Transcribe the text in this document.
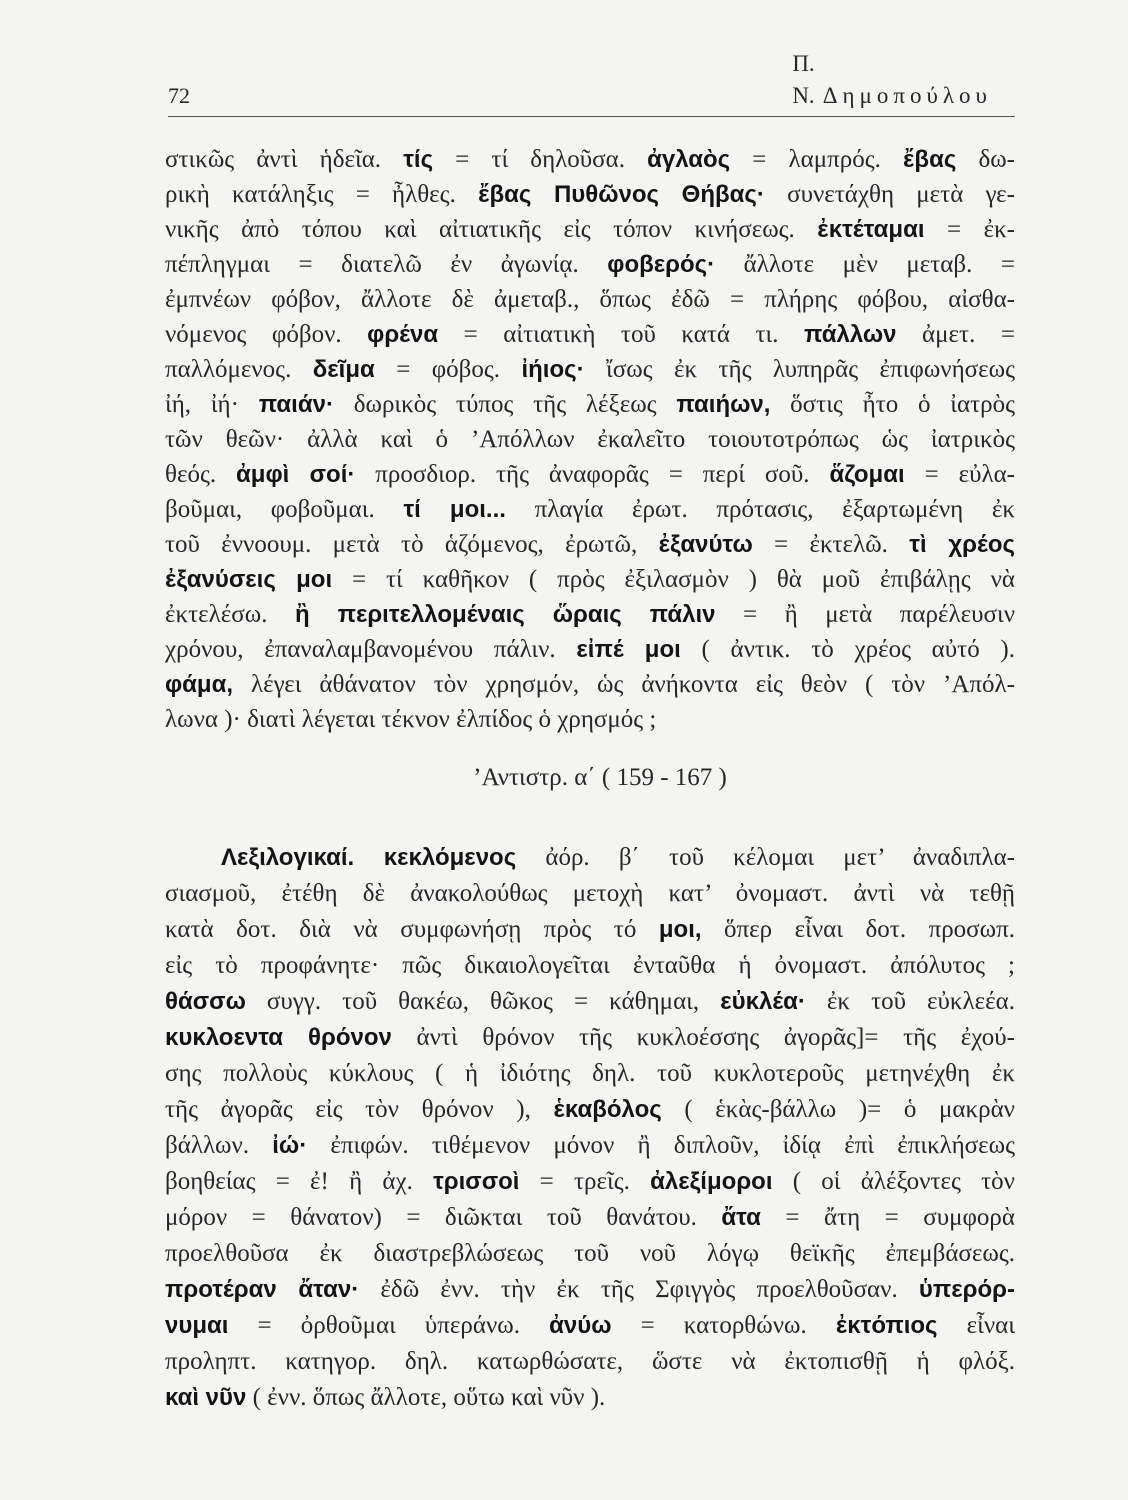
72
Π. Ν. Δημοπούλου
στικῶς ἀντὶ ἡδεῖα. τίς = τί δηλοῦσα. ἀγλαὸς = λαμπρός. ἔβας δω-
ρικὴ κατάληξις = ἦλθες. ἔβας Πυθῶνος Θήβας· συνετάχθη μετὰ γε-
νικῆς ἀπὸ τόπου καὶ αἰτιατικῆς εἰς τόπον κινήσεως. ἐκτέταμαι = ἐκ-
πέπληγμαι = διατελῶ ἐν ἀγωνίᾳ. φοβερός· ἄλλοτε μὲν μεταβ. =
ἐμπνέων φόβον, ἄλλοτε δὲ ἀμεταβ., ὅπως ἐδῶ = πλήρης φόβου, αἰσθα-
νόμενος φόβον. φρένα = αἰτιατικὴ τοῦ κατά τι. πάλλων ἀμετ. =
παλλόμενος. δεῖμα = φόβος. ἰήιος· ἴσως ἐκ τῆς λυπηρᾶς ἐπιφωνήσεως
ἰή, ἰή· παιάν· δωρικὸς τύπος τῆς λέξεως παιήων, ὅστις ἦτο ὁ ἰατρὸς
τῶν θεῶν· ἀλλὰ καὶ ὁ ’Απόλλων ἐκαλεῖτο τοιουτοτρόπως ὡς ἰατρικὸς
θεός. ἀμφὶ σοί· προσδιορ. τῆς ἀναφορᾶς = περί σοῦ. ἅζομαι = εὐλα-
βοῦμαι, φοβοῦμαι. τί μοι... πλαγία ἐρωτ. πρότασις, ἐξαρτωμένη ἐκ
τοῦ ἐννοουμ. μετὰ τὸ ἁζόμενος, ἐρωτῶ, ἐξανύτω = ἐκτελῶ. τὶ χρέος
ἐξανύσεις μοι = τί καθῆκον ( πρὸς ἐξιλασμὸν ) θὰ μοῦ ἐπιβάλῃς νὰ
ἐκτελέσω. ἢ περιτελλομέναις ὥραις πάλιν = ἢ μετὰ παρέλευσιν
χρόνου, ἐπαναλαμβανομένου πάλιν. εἰπέ μοι ( ἀντικ. τὸ χρέος αὐτό ).
φάμα, λέγει ἀθάνατον τὸν χρησμόν, ὡς ἀνήκοντα εἰς θεὸν ( τὸν ’Απόλ-
λωνα )· διατὶ λέγεται τέκνον ἐλπίδος ὁ χρησμός ;
’Αντιστρ. α΄ ( 159 - 167 )
Λεξιλογικαί. κεκλόμενος ἀόρ. β΄ τοῦ κέλομαι μετ’ ἀναδιπλα-
σιασμοῦ, ἐτέθη δὲ ἀνακολούθως μετοχὴ κατ’ ὀνομαστ. ἀντὶ νὰ τεθῇ
κατὰ δοτ. διὰ νὰ συμφωνήσῃ πρὸς τό μοι, ὅπερ εἶναι δοτ. προσωπ.
εἰς τὸ προφάνητε· πῶς δικαιολογεῖται ἐνταῦθα ἡ ὀνομαστ. ἀπόλυτος ;
θάσσω συγγ. τοῦ θακέω, θῶκος = κάθημαι, εὐκλέα· ἐκ τοῦ εὐκλεέα.
κυκλοεντα θρόνον ἀντὶ θρόνον τῆς κυκλοέσσης ἀγορᾶς]= τῆς ἐχού-
σης πολλοὺς κύκλους ( ἡ ἰδιότης δηλ. τοῦ κυκλοτεροῦς μετηνέχθη ἐκ
τῆς ἀγορᾶς εἰς τὸν θρόνον ), ἑκαβόλος ( ἑκὰς-βάλλω )= ὁ μακρὰν
βάλλων. ἰώ· ἐπιφών. τιθέμενον μόνον ἢ διπλοῦν, ἰδίᾳ ἐπὶ ἐπικλήσεως
βοηθείας = ἐ! ἢ ἀχ. τρισσοὶ = τρεῖς. ἀλεξίμοροι ( οἱ ἀλέξοντες τὸν
μόρον = θάνατον) = διῶκται τοῦ θανάτου. ἄτα = ἄτη = συμφορὰ
προελθοῦσα ἐκ διαστρεβλώσεως τοῦ νοῦ λόγῳ θεϊκῆς ἐπεμβάσεως.
προτέραν ἄταν· ἐδῶ ἐνν. τὴν ἐκ τῆς Σφιγγὸς προελθοῦσαν. ὑπερόρ-
νυμαι = ὀρθοῦμαι ὑπεράνω. ἀνύω = κατορθώνω. ἐκτόπιος εἶναι
προληπτ. κατηγορ. δηλ. κατωρθώσατε, ὥστε νὰ ἐκτοπισθῇ ἡ φλόξ.
καὶ νῦν ( ἐνν. ὅπως ἄλλοτε, οὕτω καὶ νῦν ).
